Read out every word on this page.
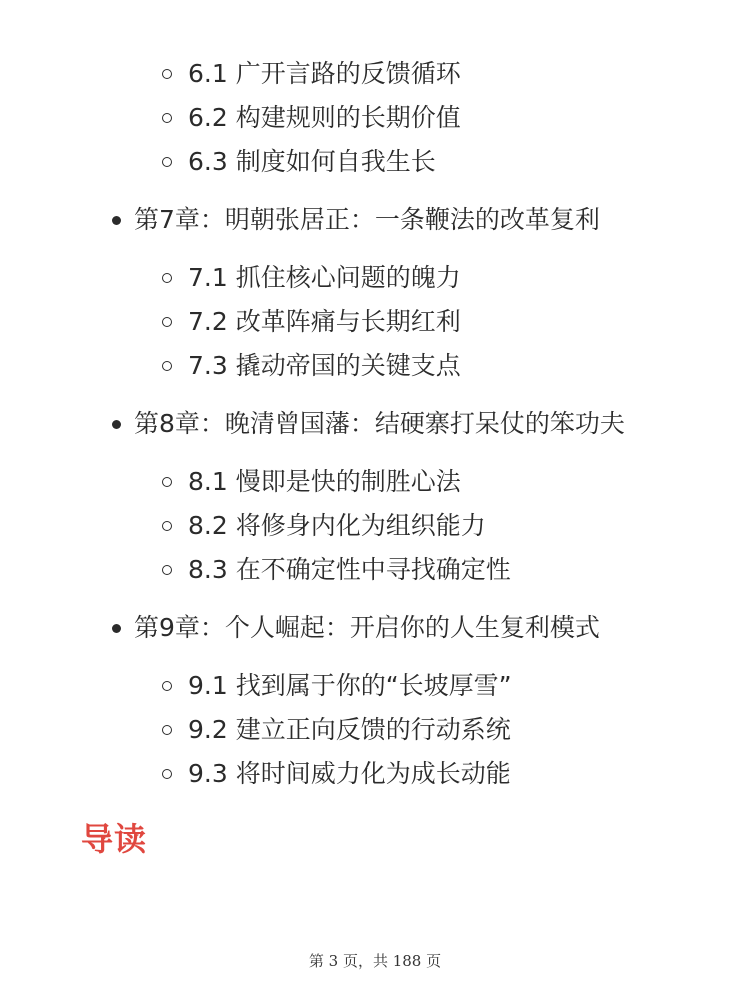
6.1 广开言路的反馈循环
6.2 构建规则的长期价值
6.3 制度如何自我生长
第7章：明朝张居正：一条鞭法的改革复利
7.1 抓住核心问题的魄力
7.2 改革阵痛与长期红利
7.3 撬动帝国的关键支点
第8章：晚清曾国藩：结硬寨打呆仗的笨功夫
8.1 慢即是快的制胜心法
8.2 将修身内化为组织能力
8.3 在不确定性中寻找确定性
第9章：个人崛起：开启你的人生复利模式
9.1 找到属于你的“长坡厚雪”
9.2 建立正向反馈的行动系统
9.3 将时间威力化为成长动能
导读
第 3 页，共 188 页
